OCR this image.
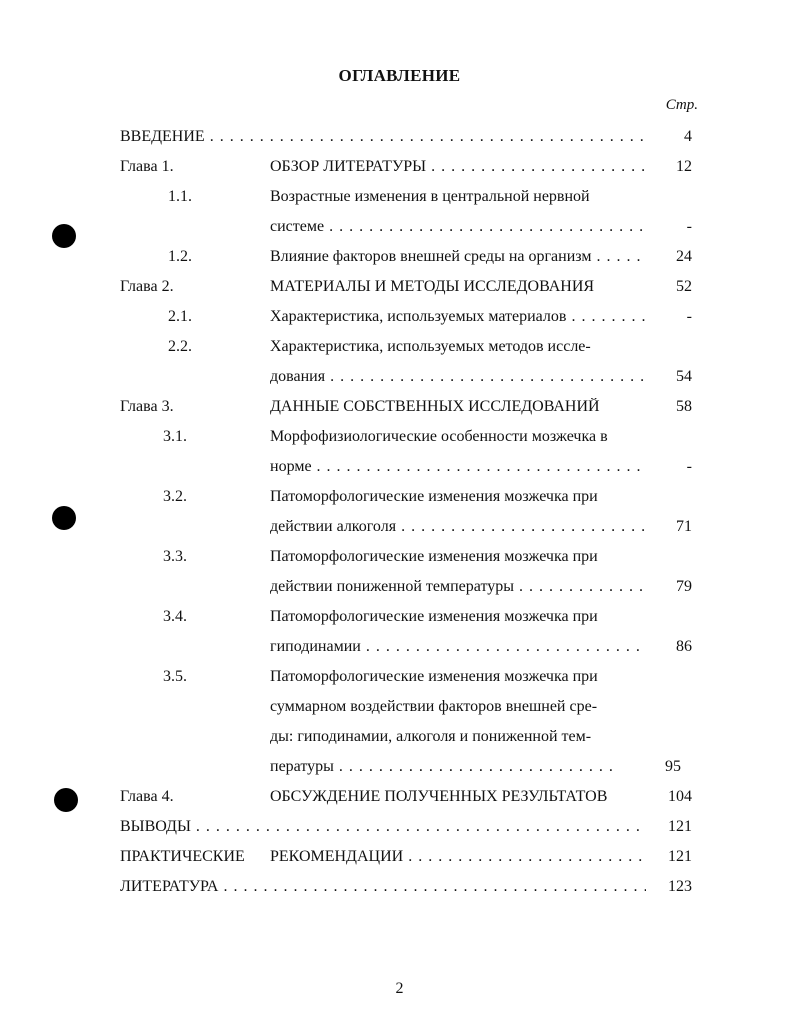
ОГЛАВЛЕНИЕ
Стр.
ВВЕДЕНИЕ . . .	4
Глава 1.	ОБЗОР ЛИТЕРАТУРЫ . . .	12
1.1.	Возрастные изменения в центральной нервной
системе . . .	-
1.2.	Влияние факторов внешней среды на организм . . .	24
Глава 2.	МАТЕРИАЛЫ И МЕТОДЫ ИССЛЕДОВАНИЯ	52
2.1.	Характеристика, используемых материалов . . .	-
2.2.	Характеристика, используемых методов иссле-
дования . . .	54
Глава 3.	ДАННЫЕ СОБСТВЕННЫХ ИССЛЕДОВАНИЙ	58
3.1.	Морфофизиологические особенности мозжечка в
норме . . .	-
3.2.	Патоморфологические изменения мозжечка при
действии алкоголя . . .	71
3.3.	Патоморфологические изменения мозжечка при
действии пониженной температуры . . .	79
3.4.	Патоморфологические изменения мозжечка при
гиподинамии . . .	86
3.5.	Патоморфологические изменения мозжечка при
суммарном воздействии факторов внешней сре-
ды: гиподинамии, алкоголя и пониженной тем-
пературы . . .	95
Глава 4.	ОБСУЖДЕНИЕ ПОЛУЧЕННЫХ РЕЗУЛЬТАТОВ	104
ВЫВОДЫ . . .	121
ПРАКТИЧЕСКИЕ РЕКОМЕНДАЦИИ . . .	121
ЛИТЕРАТУРА . . .	123
2
